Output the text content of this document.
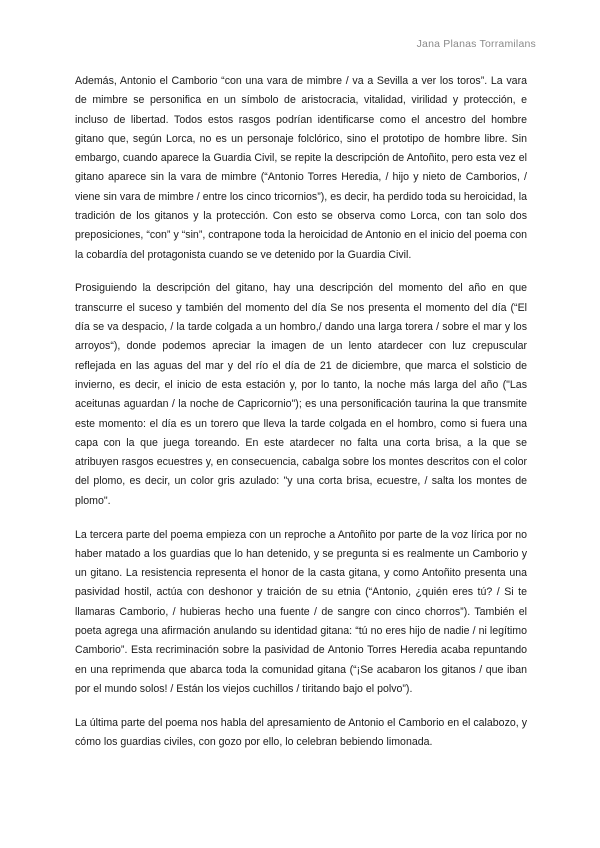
Jana Planas Torramilans

Además, Antonio el Camborio “con una vara de mimbre / va a Sevilla a ver los toros”. La vara de mimbre se personifica en un símbolo de aristocracia, vitalidad, virilidad y protección, e incluso de libertad. Todos estos rasgos podrían identificarse como el ancestro del hombre gitano que, según Lorca, no es un personaje folclórico, sino el prototipo de hombre libre. Sin embargo, cuando aparece la Guardia Civil, se repite la descripción de Antoñito, pero esta vez el gitano aparece sin la vara de mimbre (“Antonio Torres Heredia, / hijo y nieto de Camborios, / viene sin vara de mimbre / entre los cinco tricornios”), es decir, ha perdido toda su heroicidad, la tradición de los gitanos y la protección. Con esto se observa como Lorca, con tan solo dos preposiciones, “con” y “sin”, contrapone toda la heroicidad de Antonio en el inicio del poema con la cobardía del protagonista cuando se ve detenido por la Guardia Civil.

Prosiguiendo la descripción del gitano, hay una descripción del momento del año en que transcurre el suceso y también del momento del día Se nos presenta el momento del día (“El día se va despacio, / la tarde colgada a un hombro,/ dando una larga torera / sobre el mar y los arroyos“), donde podemos apreciar la imagen de un lento atardecer con luz crepuscular reflejada en las aguas del mar y del río el día de 21 de diciembre, que marca el solsticio de invierno, es decir, el inicio de esta estación y, por lo tanto, la noche más larga del año ("Las aceitunas aguardan / la noche de Capricornio"); es una personificación taurina la que transmite este momento: el día es un torero que lleva la tarde colgada en el hombro, como si fuera una capa con la que juega toreando. En este atardecer no falta una corta brisa, a la que se atribuyen rasgos ecuestres y, en consecuencia, cabalga sobre los montes descritos con el color del plomo, es decir, un color gris azulado: "y una corta brisa, ecuestre, / salta los montes de plomo".

La tercera parte del poema empieza con un reproche a Antoñito por parte de la voz lírica por no haber matado a los guardias que lo han detenido, y se pregunta si es realmente un Camborio y un gitano. La resistencia representa el honor de la casta gitana, y como Antoñito presenta una pasividad hostil, actúa con deshonor y traición de su etnia (“Antonio, ¿quién eres tú? / Si te llamaras Camborio, / hubieras hecho una fuente / de sangre con cinco chorros”). También el poeta agrega una afirmación anulando su identidad gitana: “tú no eres hijo de nadie / ni legítimo Camborio”. Esta recriminación sobre la pasividad de Antonio Torres Heredia acaba repuntando en una reprimenda que abarca toda la comunidad gitana (“¡Se acabaron los gitanos / que iban por el mundo solos! / Están los viejos cuchillos / tiritando bajo el polvo”).

La última parte del poema nos habla del apresamiento de Antonio el Camborio en el calabozo, y cómo los guardias civiles, con gozo por ello, lo celebran bebiendo limonada.
